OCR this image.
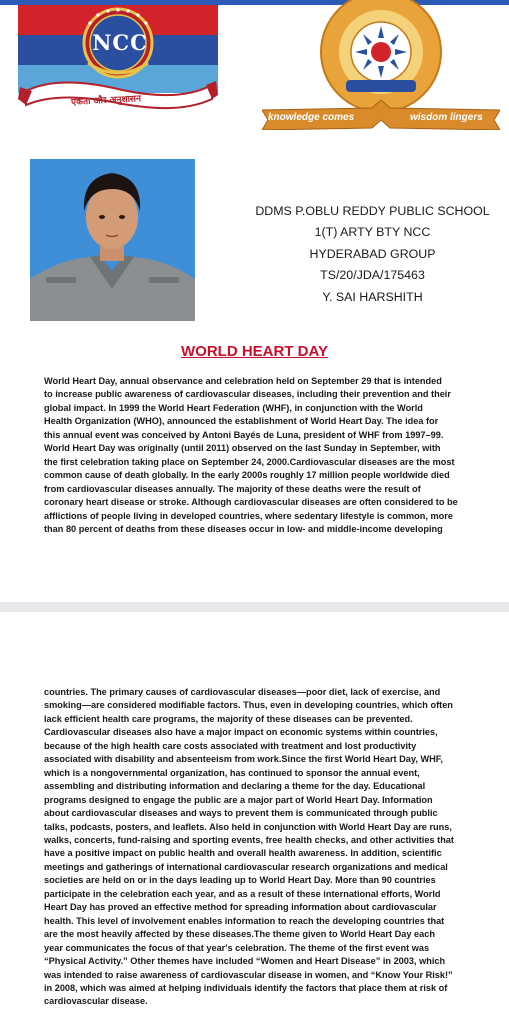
NCC
एकता और अनुशासन
knowledge comes	wisdom lingers
DDMS P.OBLU REDDY PUBLIC SCHOOL
1(T) ARTY BTY NCC
HYDERABAD GROUP
TS/20/JDA/175463
Y. SAI HARSHITH
WORLD HEART DAY
World Heart Day, annual observance and celebration held on September 29 that is intended
to increase public awareness of cardiovascular diseases, including their prevention and their
global impact. In 1999 the World Heart Federation (WHF), in conjunction with the World
Health Organization (WHO), announced the establishment of World Heart Day. The idea for
this annual event was conceived by Antoni Bayés de Luna, president of WHF from 1997–99.
World Heart Day was originally (until 2011) observed on the last Sunday in September, with
the first celebration taking place on September 24, 2000.Cardiovascular diseases are the most
common cause of death globally. In the early 2000s roughly 17 million people worldwide died
from cardiovascular diseases annually. The majority of these deaths were the result of
coronary heart disease or stroke. Although cardiovascular diseases are often considered to be
afflictions of people living in developed countries, where sedentary lifestyle is common, more
than 80 percent of deaths from these diseases occur in low- and middle-income developing
countries. The primary causes of cardiovascular diseases—poor diet, lack of exercise, and
smoking—are considered modifiable factors. Thus, even in developing countries, which often
lack efficient health care programs, the majority of these diseases can be prevented.
Cardiovascular diseases also have a major impact on economic systems within countries,
because of the high health care costs associated with treatment and lost productivity
associated with disability and absenteeism from work.Since the first World Heart Day, WHF,
which is a nongovernmental organization, has continued to sponsor the annual event,
assembling and distributing information and declaring a theme for the day. Educational
programs designed to engage the public are a major part of World Heart Day. Information
about cardiovascular diseases and ways to prevent them is communicated through public
talks, podcasts, posters, and leaflets. Also held in conjunction with World Heart Day are runs,
walks, concerts, fund-raising and sporting events, free health checks, and other activities that
have a positive impact on public health and overall health awareness. In addition, scientific
meetings and gatherings of international cardiovascular research organizations and medical
societies are held on or in the days leading up to World Heart Day. More than 90 countries
participate in the celebration each year, and as a result of these international efforts, World
Heart Day has proved an effective method for spreading information about cardiovascular
health. This level of involvement enables information to reach the developing countries that
are the most heavily affected by these diseases.The theme given to World Heart Day each
year communicates the focus of that year's celebration. The theme of the first event was
“Physical Activity.” Other themes have included “Women and Heart Disease” in 2003, which
was intended to raise awareness of cardiovascular disease in women, and “Know Your Risk!”
in 2008, which was aimed at helping individuals identify the factors that place them at risk of
cardiovascular disease.
